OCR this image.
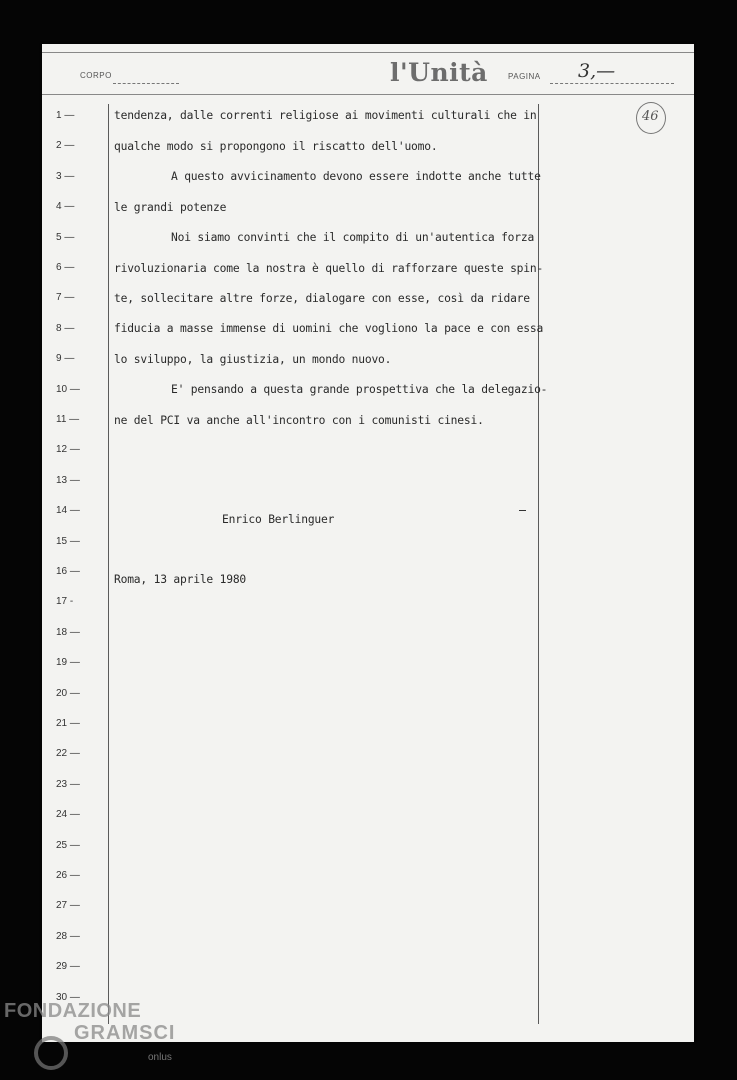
CORPO	l'Unità	PAGINA 3,—
46
1 —
2 —
3 —
4 —
5 —
6 —
7 —
8 —
9 —
10 —
11 —
12 —
13 —
14 —
15 —
16 —
17 -
18 —
19 —
20 —
21 —
22 —
23 —
24 —
25 —
26 —
27 —
28 —
29 —
30 —
tendenza, dalle correnti religiose ai movimenti culturali che in
qualche modo si propongono il riscatto dell'uomo.
A questo avvicinamento devono essere indotte anche tutte
le grandi potenze
Noi siamo convinti che il compito di un'autentica forza
rivoluzionaria come la nostra è quello di rafforzare queste spin-
te, sollecitare altre forze, dialogare con esse, così da ridare
fiducia a masse immense di uomini che vogliono la pace e con essa
lo sviluppo, la giustizia, un mondo nuovo.
E' pensando a questa grande prospettiva che la delegazio-
ne del PCI va anche all'incontro con i comunisti cinesi.
Enrico Berlinguer
Roma, 13 aprile 1980
FONDAZIONE
GRAMSCI
onlus
